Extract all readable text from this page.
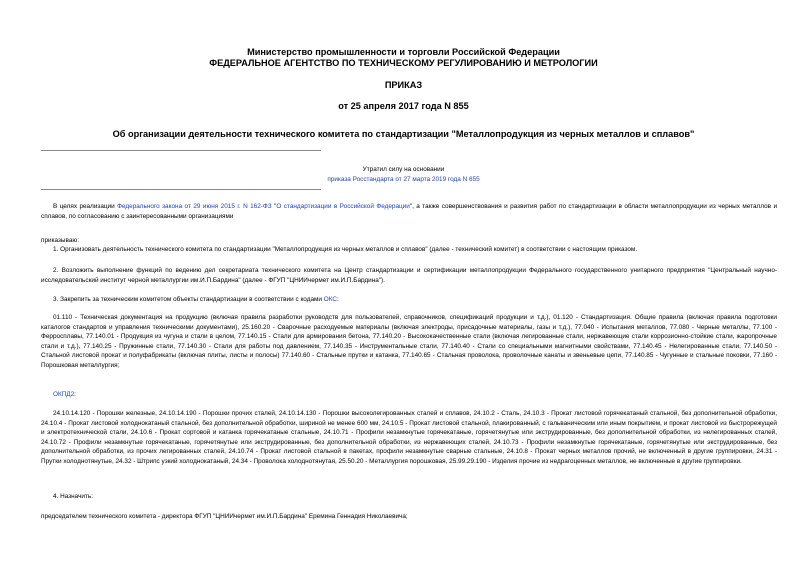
Министерство промышленности и торговли Российской Федерации
ФЕДЕРАЛЬНОЕ АГЕНТСТВО ПО ТЕХНИЧЕСКОМУ РЕГУЛИРОВАНИЮ И МЕТРОЛОГИИ
ПРИКАЗ
от 25 апреля 2017 года N 855
Об организации деятельности технического комитета по стандартизации "Металлопродукция из черных металлов и сплавов"
Утратил силу на основании
приказа Росстандарта от 27 марта 2019 года N 655
В целях реализации Федерального закона от 29 июня 2015 г. N 162-ФЗ "О стандартизации в Российской Федерации", а также совершенствования и развития работ по стандартизации в области металлопродукции из черных металлов и сплавов, по согласованию с заинтересованными организациями
приказываю:
1. Организовать деятельность технического комитета по стандартизации "Металлопродукция из черных металлов и сплавов" (далее - технический комитет) в соответствии с настоящим приказом.
2. Возложить выполнение функций по ведению дел секретариата технического комитета на Центр стандартизации и сертификации металлопродукции Федерального государственного унитарного предприятия "Центральный научно-исследовательский институт черной металлургии им.И.П.Бардина" (далее - ФГУП "ЦНИИчермет им.И.П.Бардина").
3. Закрепить за техническим комитетом объекты стандартизации в соответствии с кодами ОКС:
01.110 - Техническая документация на продукцию (включая правила разработки руководств для пользователей, справочников, спецификаций продукции и т.д.), 01.120 - Стандартизация. Общие правила (включая правила подготовки каталогов стандартов и управления техническими документами), 25.160.20 - Сварочные расходуемые материалы (включая электроды, присадочные материалы, газы и т.д.), 77.040 - Испытания металлов, 77.080 - Черные металлы, 77.100 - Ферросплавы, 77.140.01 - Продукция из чугуна и стали в целом, 77.140.15 - Стали для армирования бетона, 77.140.20 - Высококачественные стали (включая легированные стали, нержавеющие стали коррозионно-стойкие стали, жаропрочные стали и т.д.), 77.140.25 - Пружинные стали, 77.140.30 - Стали для работы под давлением, 77.140.35 - Инструментальные стали, 77.140.40 - Стали со специальными магнитными свойствами, 77.140.45 - Нелегированные стали, 77.140.50 - Стальной листовой прокат и полуфабрикаты (включая плиты, листы и полосы) 77.140.60 - Стальные прутки и катанка, 77.140.65 - Стальная проволока, проволочные канаты и звеньевые цепи, 77.140.85 - Чугунные и стальные поковки, 77.160 - Порошковая металлургия;
ОКПД2:
24.10.14.120 - Порошки железные, 24.10.14.190 - Порошки прочих сталей, 24.10.14.130 - Порошки высоколегированных сталей и сплавов, 24.10.2 - Сталь, 24.10.3 - Прокат листовой горячекатаный стальной, без дополнительной обработки, 24.10.4 - Прокат листовой холоднокатаный стальной, без дополнительной обработки, шириной не менее 600 мм, 24.10.5 - Прокат листовой стальной, плакированный, с гальваническим или иным покрытием, и прокат листовой из быстрорежущей и электротехнической стали, 24.10.6 - Прокат сортовой и катанка горячекатаные стальные, 24.10.71 - Профили незамкнутые горячекатаные, горячетянутые или экструдированные, без дополнительной обработки, из нелегированных сталей, 24.10.72 - Профили незамкнутые горячекатаные, горячетянутые или экструдированные, без дополнительной обработки, из нержавеющих сталей, 24.10.73 - Профили незамкнутые горячекатаные, горячетянутые или экструдированные, без дополнительной обработки, из прочих легированных сталей, 24.10.74 - Прокат листовой стальной в пакетах, профили незамкнутые сварные стальные, 24.10.8 - Прокат черных металлов прочий, не включенный в другие группировки, 24.31 - Прутки холоднотянутые, 24.32 - Штрипс узкий холоднокатаный, 24.34 - Проволока холоднотянутая, 25.50.20 - Металлургия порошковая, 25.99.29.190 - Изделия прочие из недрагоценных металлов, не включенные в другие группировки.
4. Назначить:
председателем технического комитета - директора ФГУП "ЦНИИчермет им.И.П.Бардина" Еремина Геннадия Николаевича;
